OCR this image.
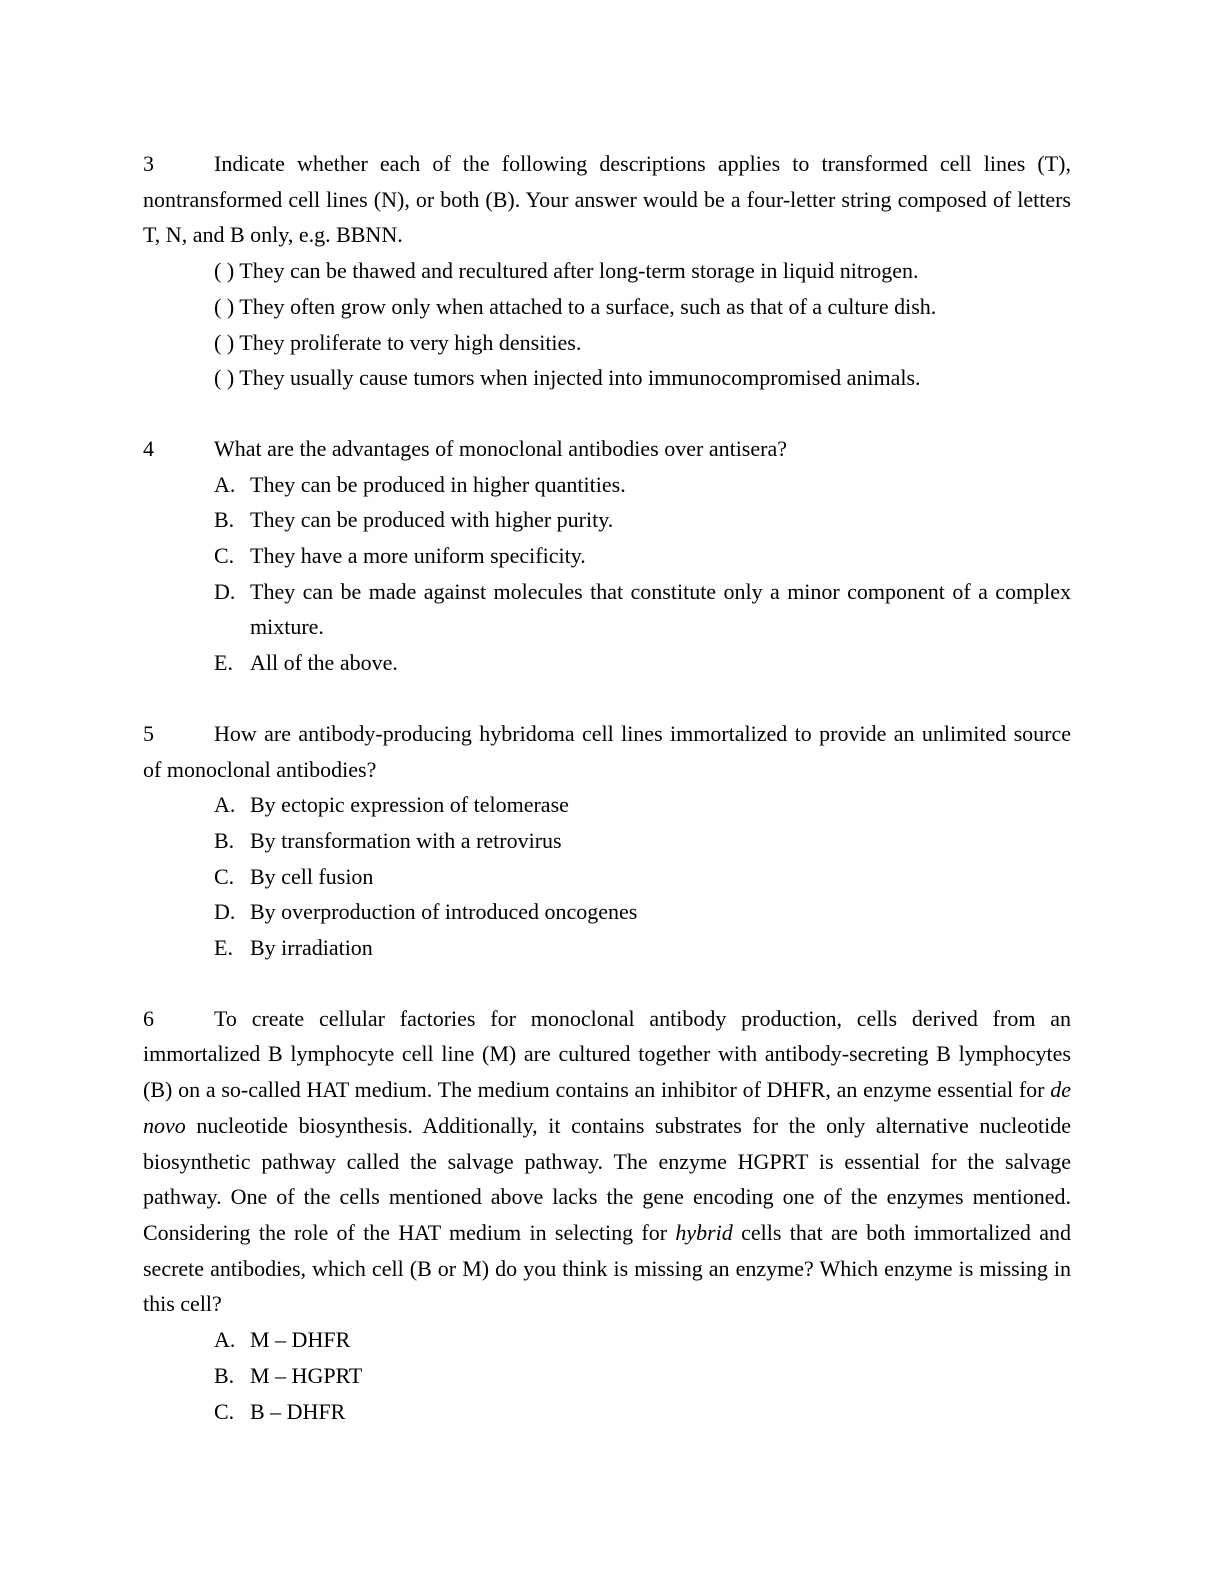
3	Indicate whether each of the following descriptions applies to transformed cell lines (T), nontransformed cell lines (N), or both (B). Your answer would be a four-letter string composed of letters T, N, and B only, e.g. BBNN.
( ) They can be thawed and recultured after long-term storage in liquid nitrogen.
( ) They often grow only when attached to a surface, such as that of a culture dish.
( ) They proliferate to very high densities.
( ) They usually cause tumors when injected into immunocompromised animals.
4	What are the advantages of monoclonal antibodies over antisera?
A. They can be produced in higher quantities.
B. They can be produced with higher purity.
C. They have a more uniform specificity.
D. They can be made against molecules that constitute only a minor component of a complex mixture.
E. All of the above.
5	How are antibody-producing hybridoma cell lines immortalized to provide an unlimited source of monoclonal antibodies?
A. By ectopic expression of telomerase
B. By transformation with a retrovirus
C. By cell fusion
D. By overproduction of introduced oncogenes
E. By irradiation
6	To create cellular factories for monoclonal antibody production, cells derived from an immortalized B lymphocyte cell line (M) are cultured together with antibody-secreting B lymphocytes (B) on a so-called HAT medium. The medium contains an inhibitor of DHFR, an enzyme essential for de novo nucleotide biosynthesis. Additionally, it contains substrates for the only alternative nucleotide biosynthetic pathway called the salvage pathway. The enzyme HGPRT is essential for the salvage pathway. One of the cells mentioned above lacks the gene encoding one of the enzymes mentioned. Considering the role of the HAT medium in selecting for hybrid cells that are both immortalized and secrete antibodies, which cell (B or M) do you think is missing an enzyme? Which enzyme is missing in this cell?
A. M – DHFR
B. M – HGPRT
C. B – DHFR
